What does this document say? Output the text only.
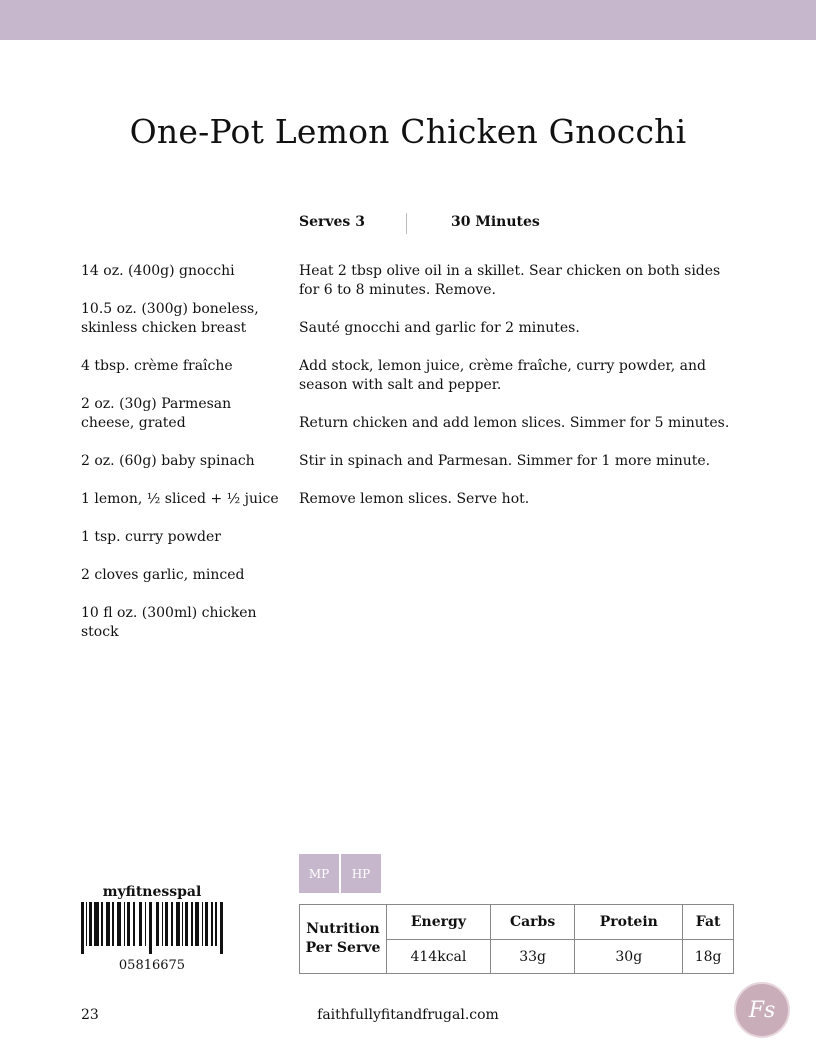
One-Pot Lemon Chicken Gnocchi
Serves 3	30 Minutes
14 oz. (400g) gnocchi
10.5 oz. (300g) boneless, skinless chicken breast
4 tbsp. crème fraîche
2 oz. (30g) Parmesan cheese, grated
2 oz. (60g) baby spinach
1 lemon, ½ sliced + ½ juice
1 tsp. curry powder
2 cloves garlic, minced
10 fl oz. (300ml) chicken stock
Heat 2 tbsp olive oil in a skillet. Sear chicken on both sides for 6 to 8 minutes. Remove.
Sauté gnocchi and garlic for 2 minutes.
Add stock, lemon juice, crème fraîche, curry powder, and season with salt and pepper.
Return chicken and add lemon slices. Simmer for 5 minutes.
Stir in spinach and Parmesan. Simmer for 1 more minute.
Remove lemon slices. Serve hot.
MP	HP
myfitnesspal
05816675
Nutrition
Per Serve	Energy	Carbs	Protein	Fat
	414kcal	33g	30g	18g
23	faithfullyfitandfrugal.com	Fs
